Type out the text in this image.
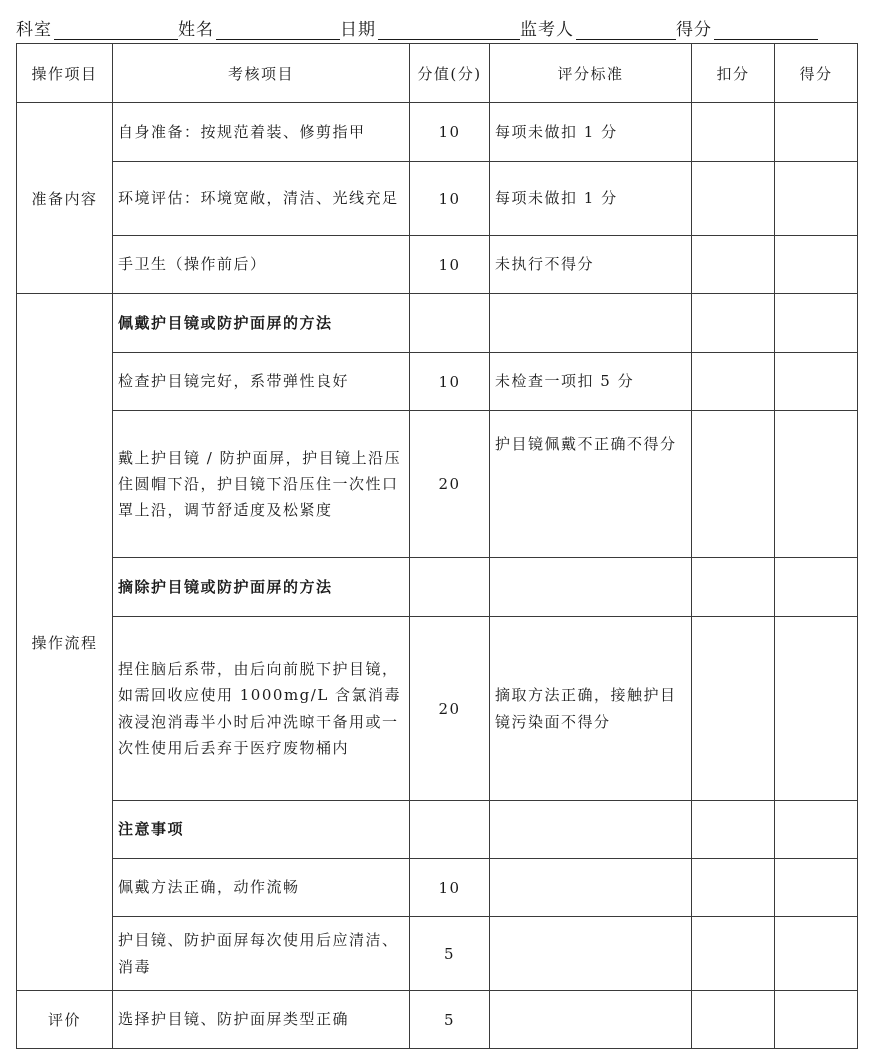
科室	姓名	日期	监考人	得分
操作项目	考核项目	分值(分)	评分标准	扣分	得分
准备内容	自身准备：按规范着装、修剪指甲	10	每项未做扣 1 分		
	环境评估：环境宽敞，清洁、光线充足	10	每项未做扣 1 分		
	手卫生（操作前后）	10	未执行不得分		
操作流程	佩戴护目镜或防护面屏的方法				
	检查护目镜完好，系带弹性良好	10	未检查一项扣 5 分		
	戴上护目镜 / 防护面屏，护目镜上沿压住圆帽下沿，护目镜下沿压住一次性口罩上沿，调节舒适度及松紧度	20	护目镜佩戴不正确不得分		
	摘除护目镜或防护面屏的方法				
	捏住脑后系带，由后向前脱下护目镜，如需回收应使用 1000mg/L 含氯消毒液浸泡消毒半小时后冲洗晾干备用或一次性使用后丢弃于医疗废物桶内	20	摘取方法正确，接触护目镜污染面不得分		
	注意事项				
	佩戴方法正确，动作流畅	10			
	护目镜、防护面屏每次使用后应清洁、消毒	5			
评价	选择护目镜、防护面屏类型正确	5			
